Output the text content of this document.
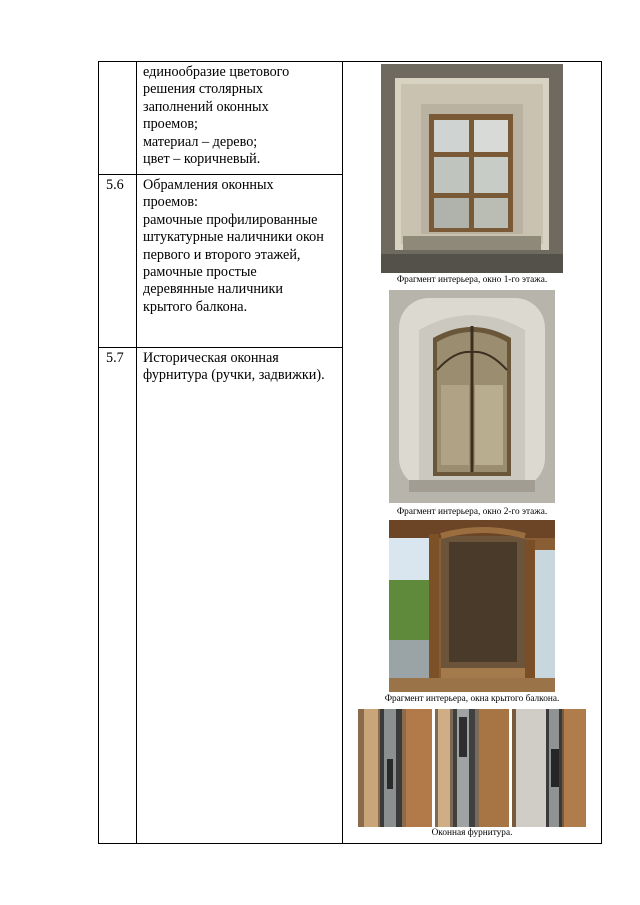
единообразие цветового
решения столярных
заполнений оконных
проемов;
материал – дерево;
цвет – коричневый.
5.6 Обрамления оконных
проемов:
рамочные профилированные
штукатурные наличники окон
первого и второго этажей,
рамочные простые
деревянные наличники
крытого балкона.
5.7 Историческая оконная
фурнитура (ручки, задвижки).
Фрагмент интерьера, окно 1-го этажа.
Фрагмент интерьера, окно 2-го этажа.
Фрагмент интерьера, окна крытого балкона.
Оконная фурнитура.
